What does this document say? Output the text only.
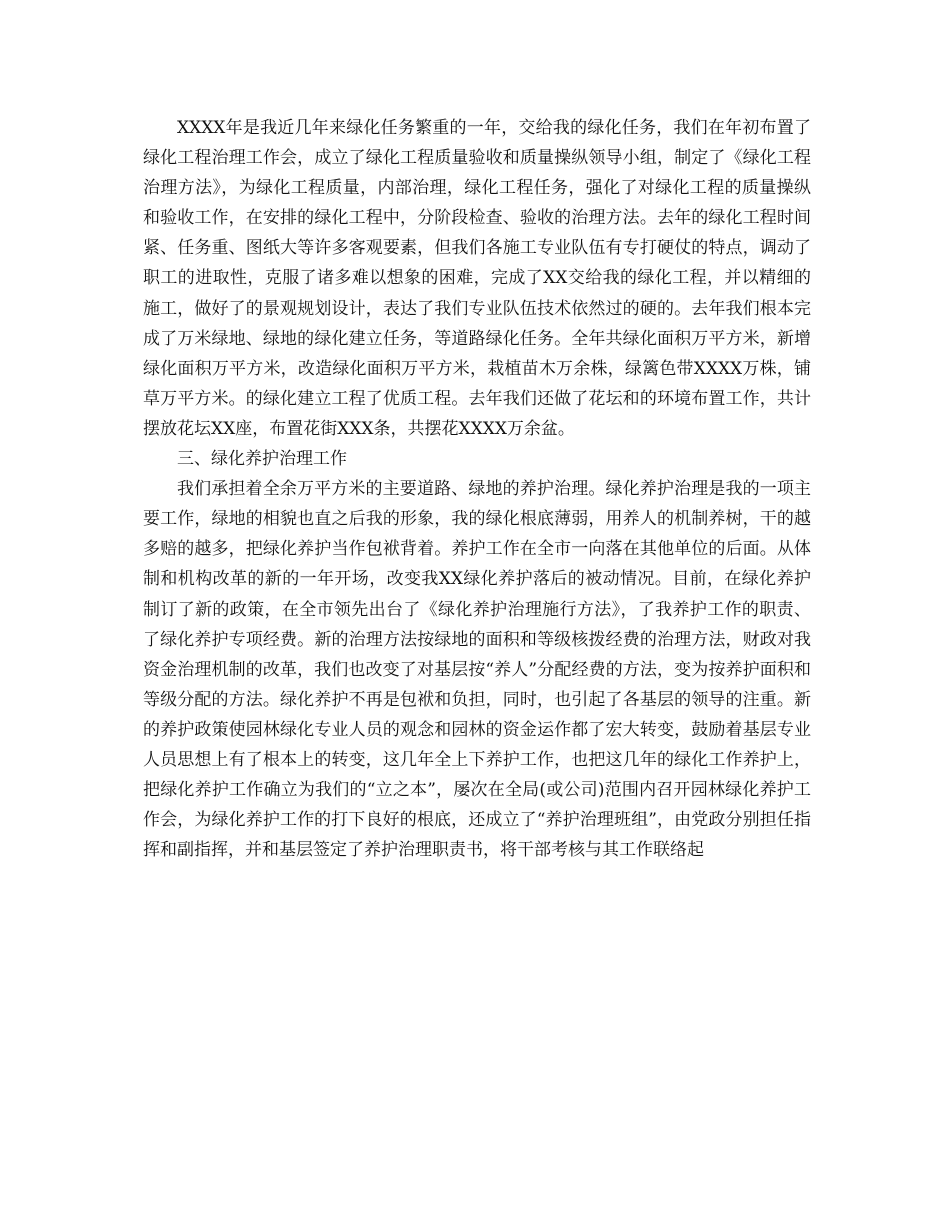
XXXX年是我近几年来绿化任务繁重的一年，交给我的绿化任务，我们在年初布置了绿化工程治理工作会，成立了绿化工程质量验收和质量操纵领导小组，制定了《绿化工程治理方法》，为绿化工程质量，内部治理，绿化工程任务，强化了对绿化工程的质量操纵和验收工作，在安排的绿化工程中，分阶段检查、验收的治理方法。去年的绿化工程时间紧、任务重、图纸大等许多客观要素，但我们各施工专业队伍有专打硬仗的特点，调动了职工的进取性，克服了诸多难以想象的困难，完成了XX交给我的绿化工程，并以精细的施工，做好了的景观规划设计，表达了我们专业队伍技术依然过的硬的。去年我们根本完成了万米绿地、绿地的绿化建立任务，等道路绿化任务。全年共绿化面积万平方米，新增绿化面积万平方米，改造绿化面积万平方米，栽植苗木万余株，绿篱色带XXXX万株，铺草万平方米。的绿化建立工程了优质工程。去年我们还做了花坛和的环境布置工作，共计摆放花坛XX座，布置花街XXX条，共摆花XXXX万余盆。

三、绿化养护治理工作

我们承担着全余万平方米的主要道路、绿地的养护治理。绿化养护治理是我的一项主要工作，绿地的相貌也直之后我的形象，我的绿化根底薄弱，用养人的机制养树，干的越多赔的越多，把绿化养护当作包袱背着。养护工作在全市一向落在其他单位的后面。从体制和机构改革的新的一年开场，改变我XX绿化养护落后的被动情况。目前，在绿化养护制订了新的政策，在全市领先出台了《绿化养护治理施行方法》，了我养护工作的职责、了绿化养护专项经费。新的治理方法按绿地的面积和等级核拨经费的治理方法，财政对我资金治理机制的改革，我们也改变了对基层按“养人”分配经费的方法，变为按养护面积和等级分配的方法。绿化养护不再是包袱和负担，同时，也引起了各基层的领导的注重。新的养护政策使园林绿化专业人员的观念和园林的资金运作都了宏大转变，鼓励着基层专业人员思想上有了根本上的转变，这几年全上下养护工作，也把这几年的绿化工作养护上，把绿化养护工作确立为我们的“立之本”，屡次在全局(或公司)范围内召开园林绿化养护工作会，为绿化养护工作的打下良好的根底，还成立了“养护治理班组”，由党政分别担任指挥和副指挥，并和基层签定了养护治理职责书，将干部考核与其工作联络起
